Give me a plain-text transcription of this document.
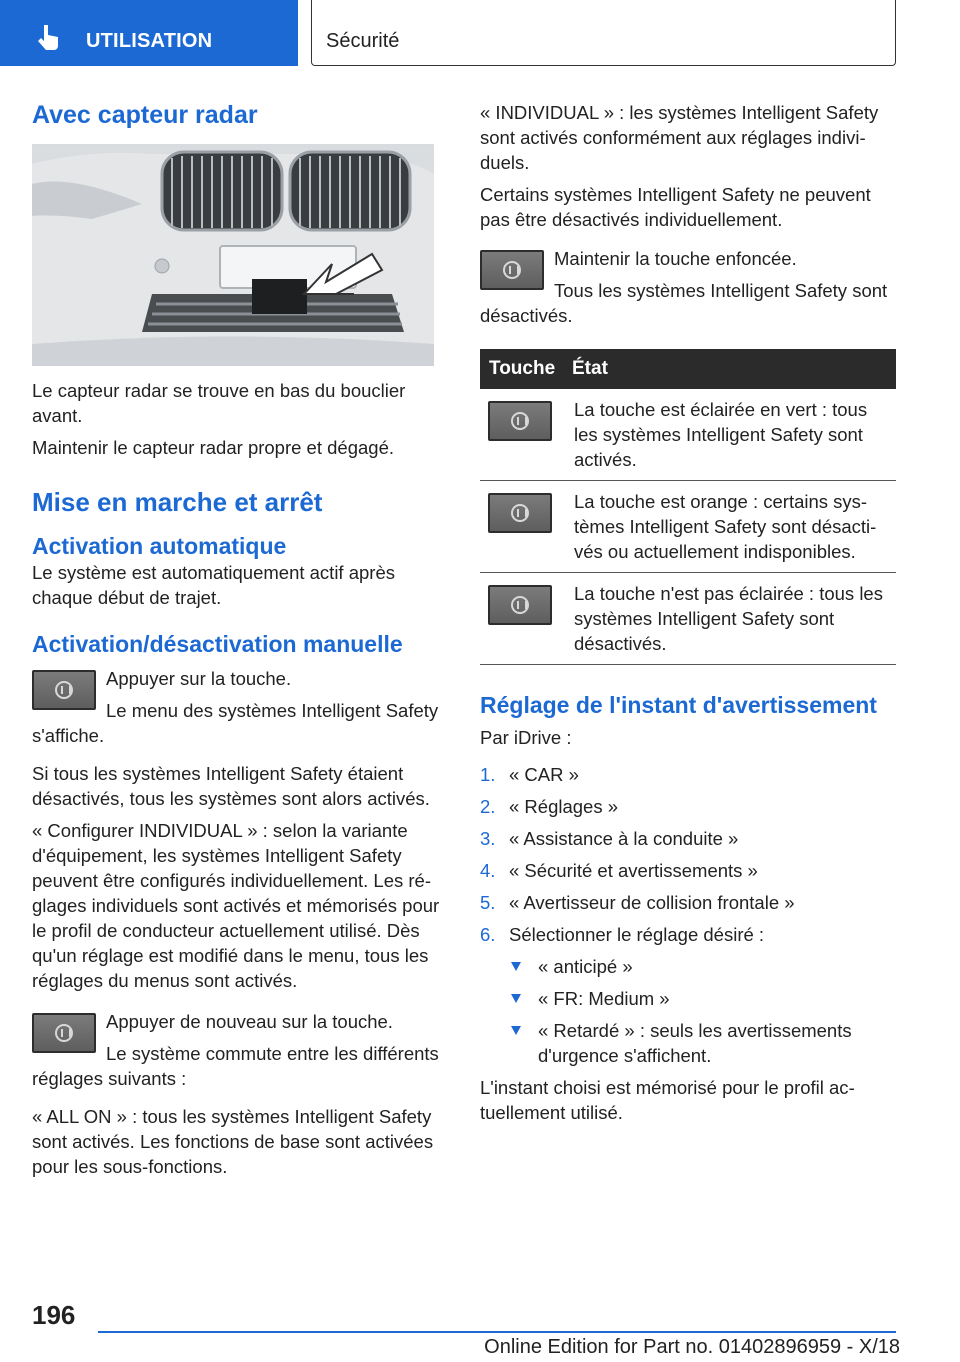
UTILISATION	Sécurité
Avec capteur radar

Le capteur radar se trouve en bas du bouclier avant.

Maintenir le capteur radar propre et dégagé.

Mise en marche et arrêt
Activation automatique

Le système est automatiquement actif après chaque début de trajet.

Activation/désactivation manuelle

Appuyer sur la touche.

Le menu des systèmes Intelligent Safety s'affiche.

Si tous les systèmes Intelligent Safety étaient désactivés, tous les systèmes sont alors activés.

« Configurer INDIVIDUAL » : selon la variante d'équipement, les systèmes Intelligent Safety peuvent être configurés individuellement. Les réglages individuels sont activés et mémorisés pour le profil de conducteur actuellement utilisé. Dès qu'un réglage est modifié dans le menu, tous les réglages du menus sont activés.

Appuyer de nouveau sur la touche.

Le système commute entre les différents réglages suivants :

« ALL ON » : tous les systèmes Intelligent Safety sont activés. Les fonctions de base sont activées pour les sous-fonctions.

« INDIVIDUAL » : les systèmes Intelligent Safety sont activés conformément aux réglages individuels.

Certains systèmes Intelligent Safety ne peuvent pas être désactivés individuellement.

Maintenir la touche enfoncée.

Tous les systèmes Intelligent Safety sont désactivés.

Touche	État

	La touche est éclairée en vert : tous les systèmes Intelligent Safety sont activés.

	La touche est orange : certains systèmes Intelligent Safety sont désactivés ou actuellement indisponibles.

	La touche n'est pas éclairée : tous les systèmes Intelligent Safety sont désactivés.
Réglage de l'instant d'avertissement

Par iDrive :

1. « CAR »
2. « Réglages »
3. « Assistance à la conduite »
4. « Sécurité et avertissements »
5. « Avertisseur de collision frontale »
6. Sélectionner le réglage désiré :
« anticipé »
« FR: Medium »
« Retardé » : seuls les avertissements d'urgence s'affichent.

L'instant choisi est mémorisé pour le profil actuellement utilisé.

196
Online Edition for Part no. 01402896959 - X/18
